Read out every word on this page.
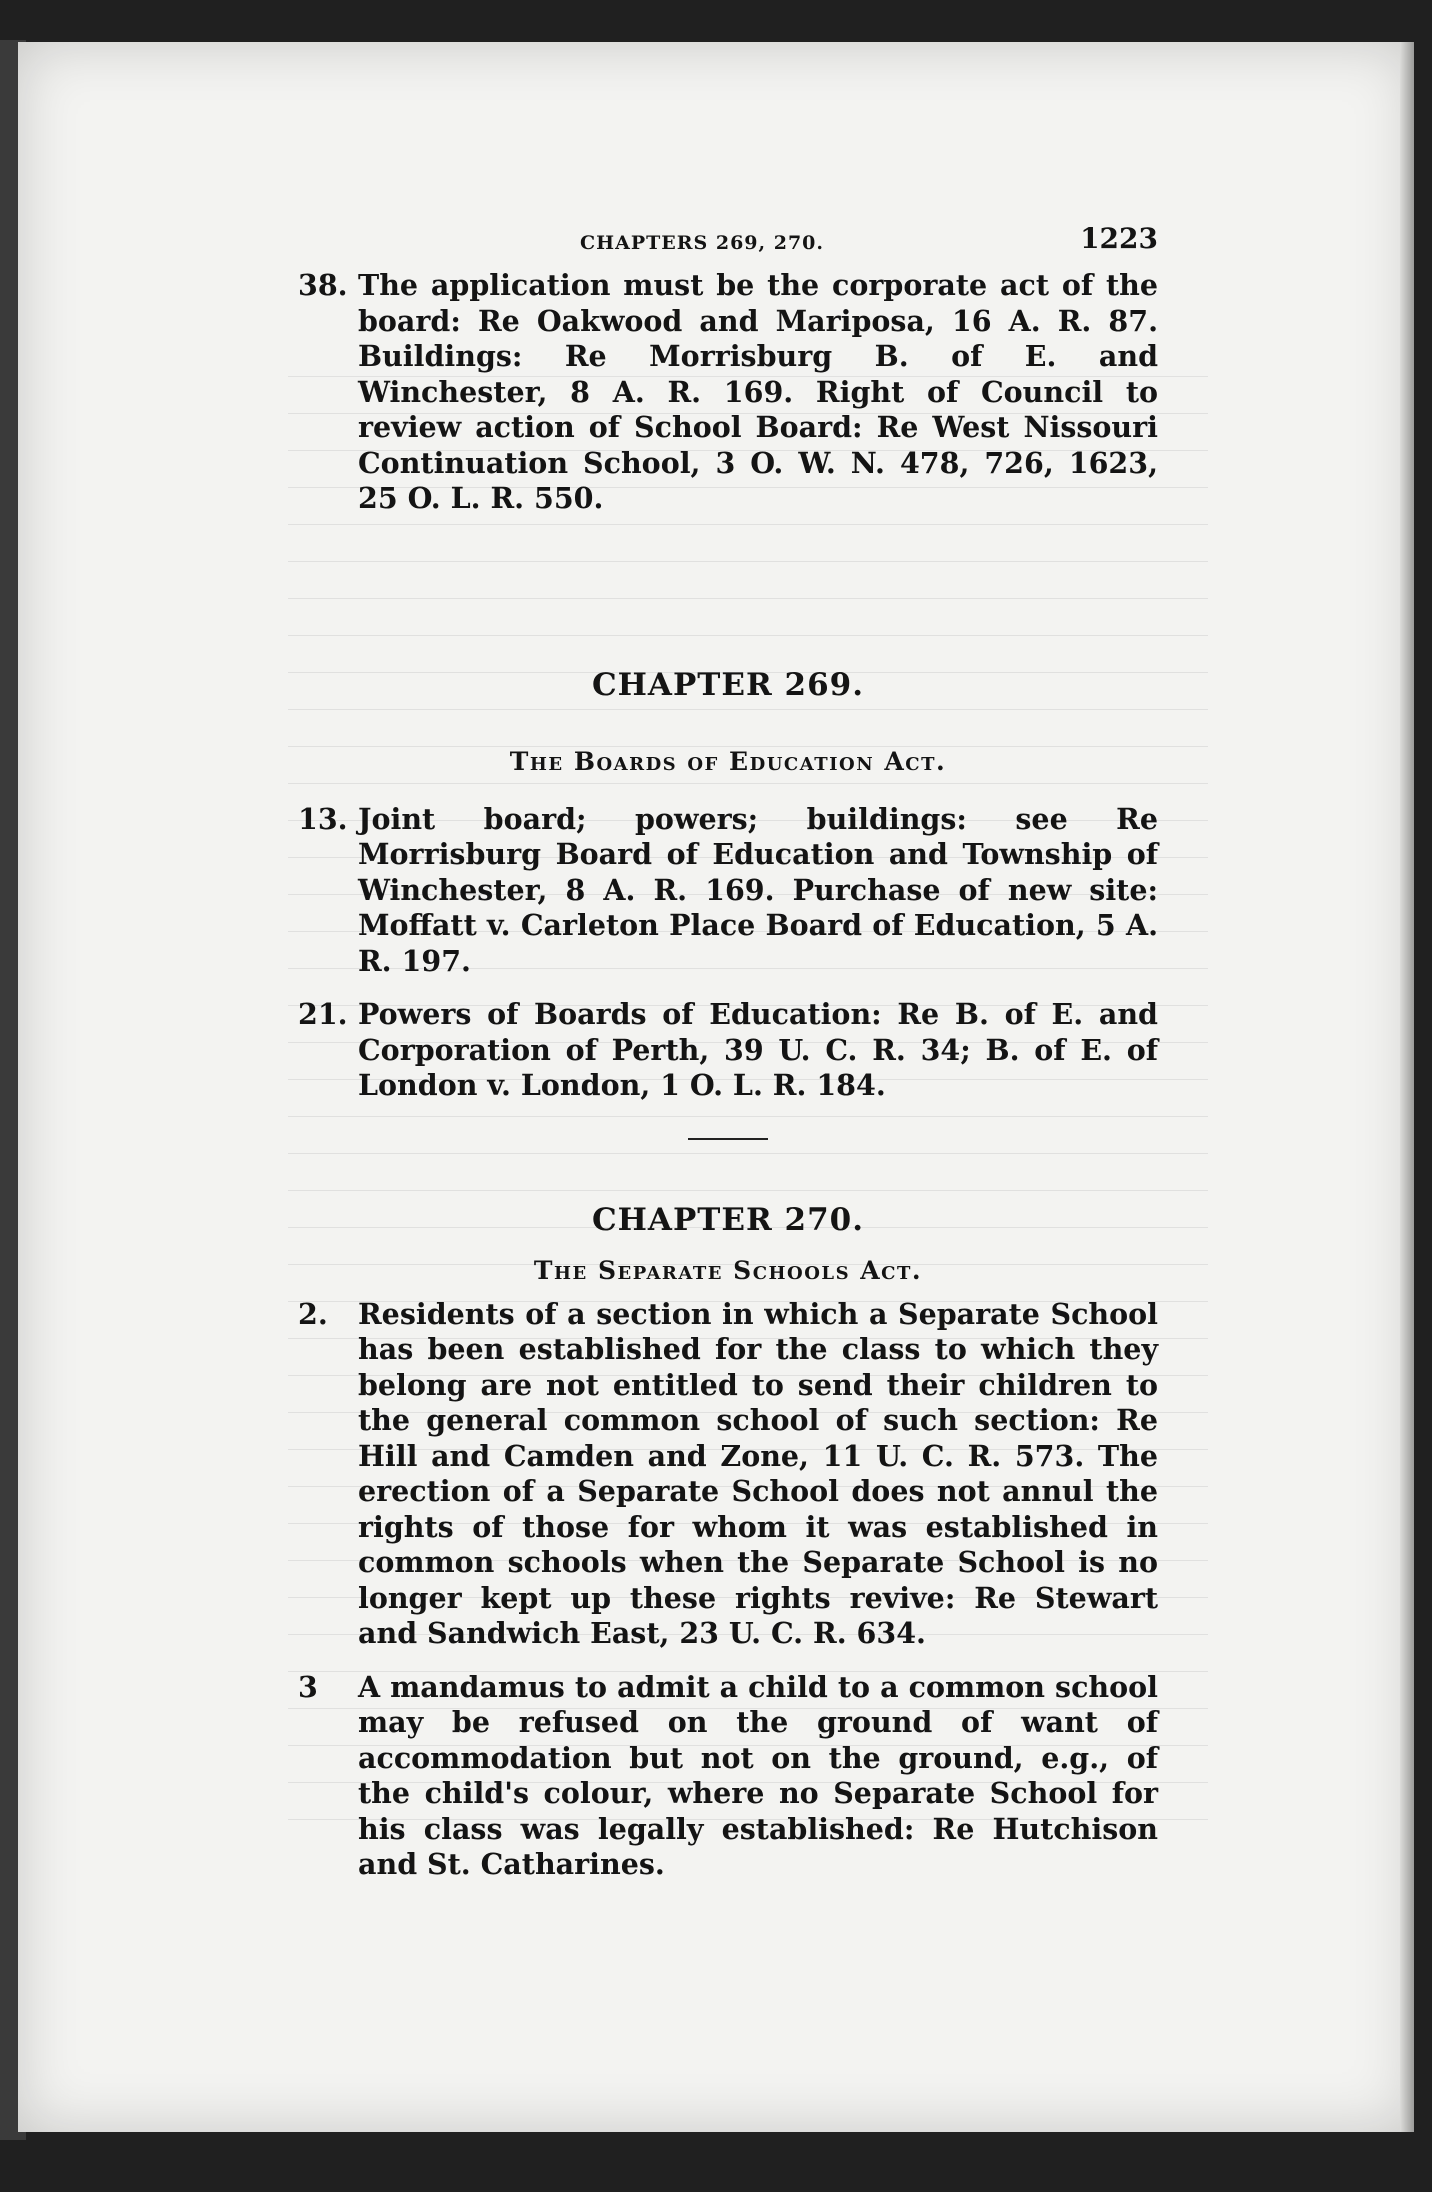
CHAPTERS 269, 270.	1223
38. The application must be the corporate act of the board: Re Oakwood and Mariposa, 16 A. R. 87. Buildings: Re Morrisburg B. of E. and Winchester, 8 A. R. 169. Right of Council to review action of School Board: Re West Nissouri Continuation School, 3 O. W. N. 478, 726, 1623, 25 O. L. R. 550.
CHAPTER 269.
The Boards of Education Act.
13. Joint board; powers; buildings: see Re Morrisburg Board of Education and Township of Winchester, 8 A. R. 169. Purchase of new site: Moffatt v. Carleton Place Board of Education, 5 A. R. 197.
21. Powers of Boards of Education: Re B. of E. and Corporation of Perth, 39 U. C. R. 34; B. of E. of London v. London, 1 O. L. R. 184.
CHAPTER 270.
The Separate Schools Act.
2. Residents of a section in which a Separate School has been established for the class to which they belong are not entitled to send their children to the general common school of such section: Re Hill and Camden and Zone, 11 U. C. R. 573. The erection of a Separate School does not annul the rights of those for whom it was established in common schools when the Separate School is no longer kept up these rights revive: Re Stewart and Sandwich East, 23 U. C. R. 634.
3 A mandamus to admit a child to a common school may be refused on the ground of want of accommodation but not on the ground, e.g., of the child's colour, where no Separate School for his class was legally established: Re Hutchison and St. Catharines.
